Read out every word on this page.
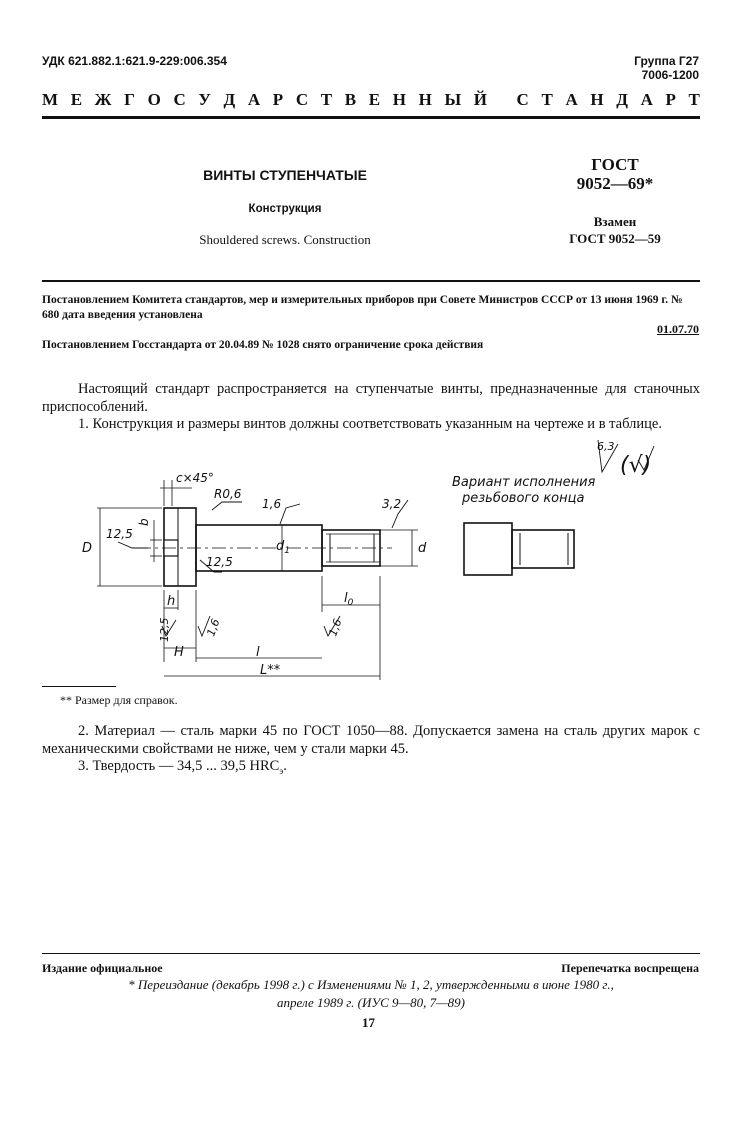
УДК 621.882.1:621.9-229:006.354	Группа Г27
7006-1200
М Е Ж Г О С У Д А Р С Т В Е Н Н Ы Й
С Т А Н Д А Р Т
ВИНТЫ СТУПЕНЧАТЫЕ
Конструкция
Shouldered screws. Construction
ГОСТ
9052—69*
Взамен
ГОСТ 9052—59
Постановлением Комитета стандартов, мер и измерительных приборов при Совете Министров СССР от 13 июня 1969 г. № 680 дата введения установлена
01.07.70
Постановлением Госстандарта от 20.04.89 № 1028 снято ограничение срока действия
Настоящий стандарт распространяется на ступенчатые винты, предназначенные для станочных приспособлений.
1. Конструкция и размеры винтов должны соответствовать указанным на чертеже и в таблице.
6,3
(√)
Вариант исполнения
резьбового конца
c×45°
R0,6
1,6	3,2
12,5
12,5
1,6	1,6
12,5
D
b
$d_1$	d
h
H	l
$l_0$
L**
** Размер для справок.
2. Материал — сталь марки 45 по ГОСТ 1050—88. Допускается замена на сталь других марок с механическими свойствами не ниже, чем у стали марки 45.
3. Твердость — 34,5 ... 39,5 $HRC_э$.
Издание официальное	Перепечатка воспрещена
* Переиздание (декабрь 1998 г.) с Изменениями № 1, 2, утвержденными в июне 1980 г.,
апреле 1989 г. (ИУС 9—80, 7—89)
17
